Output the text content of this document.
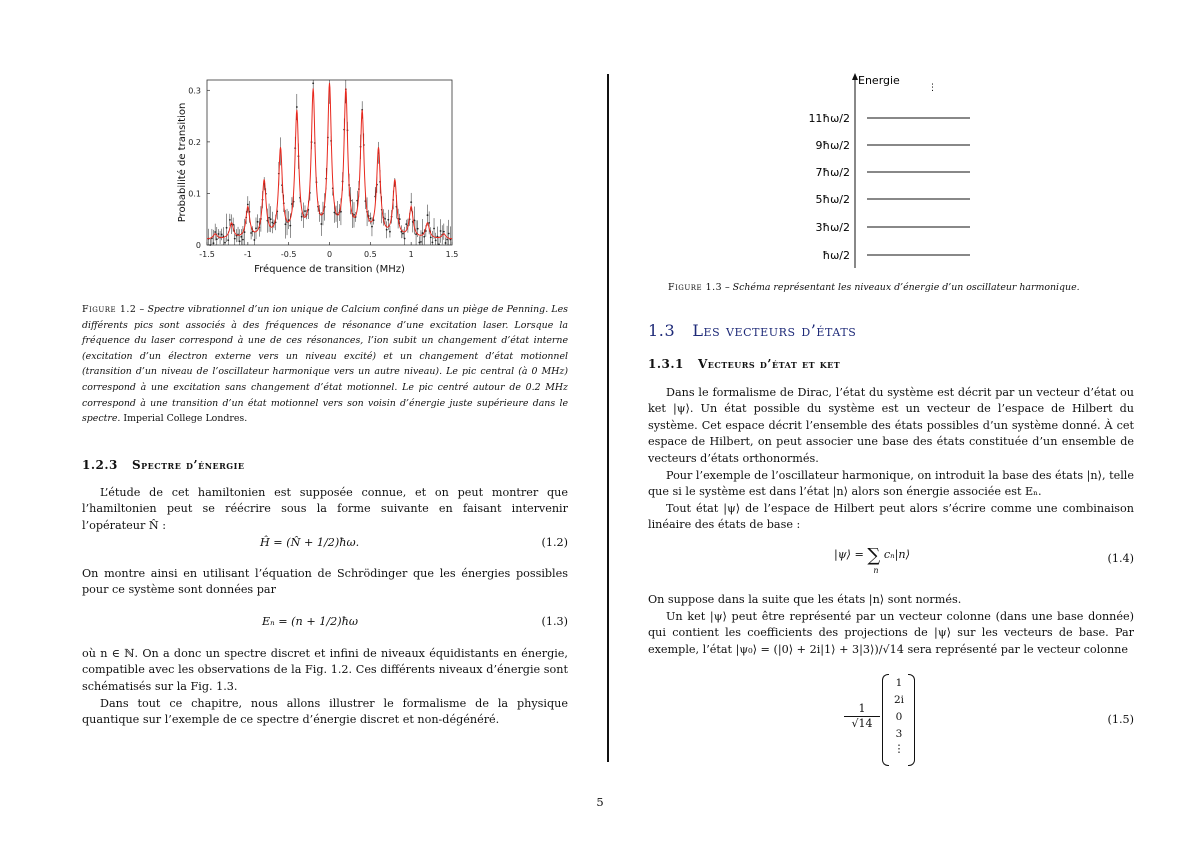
-1.5	-1	-0.5	0	0.5	1	1.5
0
0.1
0.2
0.3
Fréquence de transition (MHz)
Probabilité de transition
Figure 1.2 – Spectre vibrationnel d’un ion unique de Calcium confiné dans un piège de Penning. Les différents pics sont associés à des fréquences de résonance d’une excitation laser. Lorsque la fréquence du laser correspond à une de ces résonances, l’ion subit un changement d’état interne (excitation d’un électron externe vers un niveau excité) et un changement d’état motionnel (transition d’un niveau de l’oscillateur harmonique vers un autre niveau). Le pic central (à 0 MHz) correspond à une excitation sans changement d’état motionnel. Le pic centré autour de 0.2 MHz correspond à une transition d’un état motionnel vers son voisin d’énergie juste supérieure dans le spectre. Imperial College Londres.
1.2.3 Spectre d’énergie

L’étude de cet hamiltonien est supposée connue, et on peut montrer que l’hamiltonien peut se réécrire sous la forme suivante en faisant intervenir l’opérateur N̂ :

Ĥ = (N̂ + 1/2)ħω.	(1.2)

On montre ainsi en utilisant l’équation de Schrödinger que les énergies possibles pour ce système sont données par

Eₙ = (n + 1/2)ħω	(1.3)

où n ∈ ℕ. On a donc un spectre discret et infini de niveaux équidistants en énergie, compatible avec les observations de la Fig. 1.2. Ces différents niveaux d’énergie sont schématisés sur la Fig. 1.3.

Dans tout ce chapitre, nous allons illustrer le formalisme de la physique quantique sur l’exemple de ce spectre d’énergie discret et non-dégénéré.

Energie
⋮
11ħω/2
9ħω/2
7ħω/2
5ħω/2
3ħω/2
ħω/2
Figure 1.3 – Schéma représentant les niveaux d’énergie d’un oscillateur harmonique.
1.3 Les vecteurs d’états
1.3.1 Vecteurs d’état et ket

Dans le formalisme de Dirac, l’état du système est décrit par un vecteur d’état ou ket |ψ⟩. Un état possible du système est un vecteur de l’espace de Hilbert du système. Cet espace décrit l’ensemble des états possibles d’un système donné. À cet espace de Hilbert, on peut associer une base des états constituée d’un ensemble de vecteurs d’états orthonormés.

Pour l’exemple de l’oscillateur harmonique, on introduit la base des états |n⟩, telle que si le système est dans l’état |n⟩ alors son énergie associée est Eₙ.

Tout état |ψ⟩ de l’espace de Hilbert peut alors s’écrire comme une combinaison linéaire des états de base :

|ψ⟩ = ∑
n
cₙ|n⟩	(1.4)

On suppose dans la suite que les états |n⟩ sont normés.

Un ket |ψ⟩ peut être représenté par un vecteur colonne (dans une base donnée) qui contient les coefficients des projections de |ψ⟩ sur les vecteurs de base. Par exemple, l’état |ψ₀⟩ = (|0⟩ + 2i|1⟩ + 3|3⟩)/√14 sera représenté par le vecteur colonne

$\frac{1}{√14}$
1
2i
0
3
⋮
(1.5)
5
